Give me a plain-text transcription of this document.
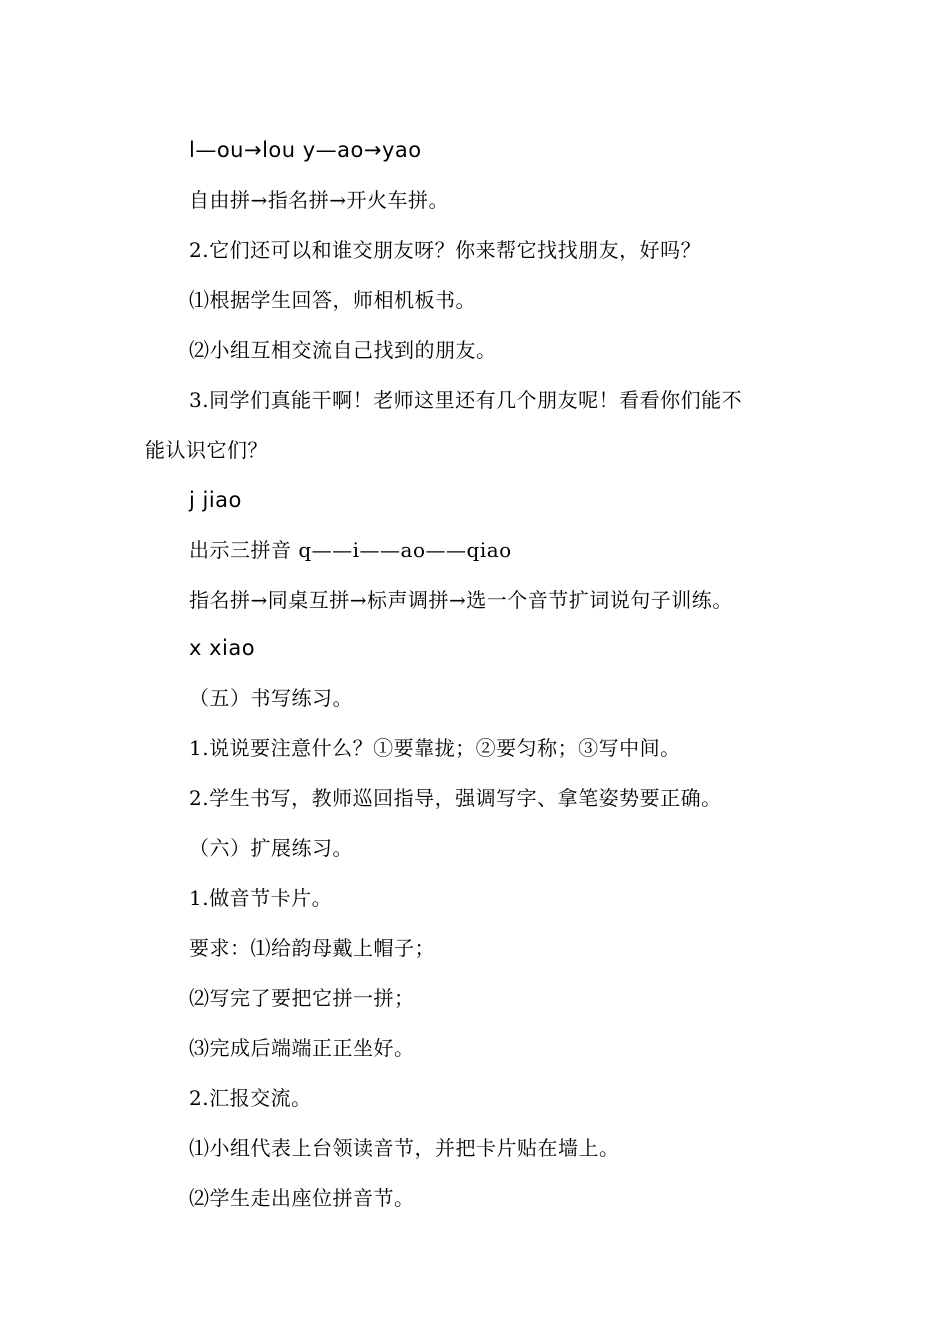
l—ou→lou y—ao→yao
自由拼→指名拼→开火车拼。
2.它们还可以和谁交朋友呀？你来帮它找找朋友，好吗？
⑴根据学生回答，师相机板书。
⑵小组互相交流自己找到的朋友。
3.同学们真能干啊！老师这里还有几个朋友呢！看看你们能不
能认识它们？
j jiao
出示三拼音 q——i——ao——qiao
指名拼→同桌互拼→标声调拼→选一个音节扩词说句子训练。
x xiao
（五）书写练习。
1.说说要注意什么？①要靠拢；②要匀称；③写中间。
2.学生书写，教师巡回指导，强调写字、拿笔姿势要正确。
（六）扩展练习。
1.做音节卡片。
要求：⑴给韵母戴上帽子；
⑵写完了要把它拼一拼；
⑶完成后端端正正坐好。
2.汇报交流。
⑴小组代表上台领读音节，并把卡片贴在墙上。
⑵学生走出座位拼音节。
